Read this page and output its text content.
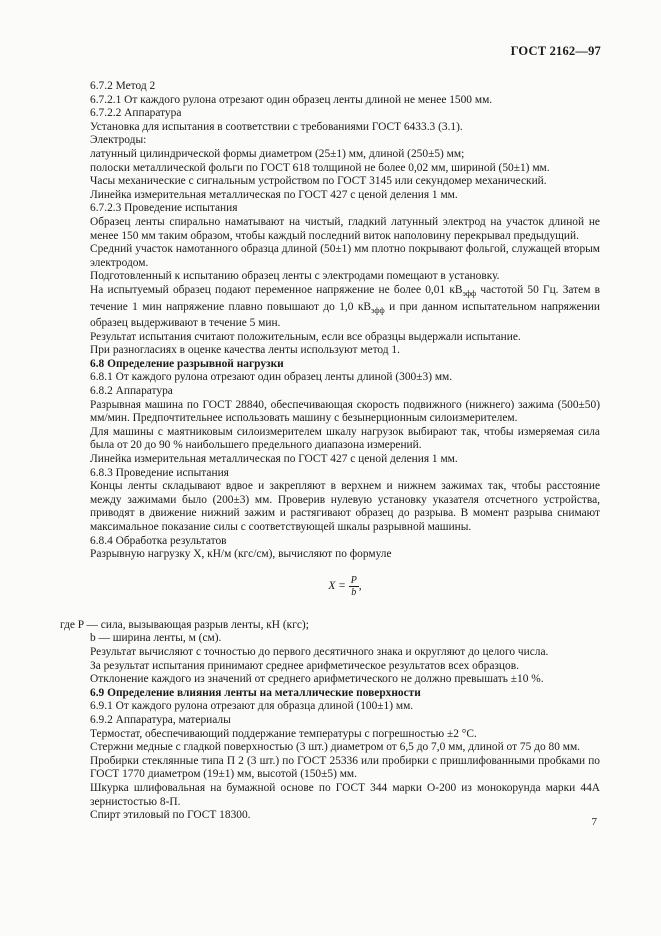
ГОСТ 2162—97

6.7.2 Метод 2

6.7.2.1 От каждого рулона отрезают один образец ленты длиной не менее 1500 мм.

6.7.2.2 Аппаратура

Установка для испытания в соответствии с требованиями ГОСТ 6433.3 (3.1).

Электроды:

латунный цилиндрической формы диаметром (25±1) мм, длиной (250±5) мм;

полоски металлической фольги по ГОСТ 618 толщиной не более 0,02 мм, шириной (50±1) мм.

Часы механические с сигнальным устройством по ГОСТ 3145 или секундомер механический.

Линейка измерительная металлическая по ГОСТ 427 с ценой деления 1 мм.

6.7.2.3 Проведение испытания

Образец ленты спирально наматывают на чистый, гладкий латунный электрод на участок длиной не менее 150 мм таким образом, чтобы каждый последний виток наполовину перекрывал предыдущий.

Средний участок намотанного образца длиной (50±1) мм плотно покрывают фольгой, служащей вторым электродом.

Подготовленный к испытанию образец ленты с электродами помещают в установку.

На испытуемый образец подают переменное напряжение не более 0,01 $кВ_{эфф}$ частотой 50 Гц. Затем в течение 1 мин напряжение плавно повышают до 1,0 $кВ_{эфф}$ и при данном испытательном напряжении образец выдерживают в течение 5 мин.

Результат испытания считают положительным, если все образцы выдержали испытание.

При разногласиях в оценке качества ленты используют метод 1.

6.8 Определение разрывной нагрузки

6.8.1 От каждого рулона отрезают один образец ленты длиной (300±3) мм.

6.8.2 Аппаратура

Разрывная машина по ГОСТ 28840, обеспечивающая скорость подвижного (нижнего) зажима (500±50) мм/мин. Предпочтительнее использовать машину с безынерционным силоизмерителем.

Для машины с маятниковым силоизмерителем шкалу нагрузок выбирают так, чтобы измеряемая сила была от 20 до 90 % наибольшего предельного диапазона измерений.

Линейка измерительная металлическая по ГОСТ 427 с ценой деления 1 мм.

6.8.3 Проведение испытания

Концы ленты складывают вдвое и закрепляют в верхнем и нижнем зажимах так, чтобы расстояние между зажимами было (200±3) мм. Проверив нулевую установку указателя отсчетного устройства, приводят в движение нижний зажим и растягивают образец до разрыва. В момент разрыва снимают максимальное показание силы с соответствующей шкалы разрывной машины.

6.8.4 Обработка результатов

Разрывную нагрузку X, кН/м (кгс/см), вычисляют по формуле

$X = \frac{P}{b}$ ,

где P — сила, вызывающая разрыв ленты, кН (кгс);

b — ширина ленты, м (см).

Результат вычисляют с точностью до первого десятичного знака и округляют до целого числа.

За результат испытания принимают среднее арифметическое результатов всех образцов.

Отклонение каждого из значений от среднего арифметического не должно превышать ±10 %.

6.9 Определение влияния ленты на металлические поверхности

6.9.1 От каждого рулона отрезают для образца длиной (100±1) мм.

6.9.2 Аппаратура, материалы

Термостат, обеспечивающий поддержание температуры с погрешностью ±2 °С.

Стержни медные с гладкой поверхностью (3 шт.) диаметром от 6,5 до 7,0 мм, длиной от 75 до 80 мм.

Пробирки стеклянные типа П 2 (3 шт.) по ГОСТ 25336 или пробирки с пришлифованными пробками по ГОСТ 1770 диаметром (19±1) мм, высотой (150±5) мм.

Шкурка шлифовальная на бумажной основе по ГОСТ 344 марки О-200 из монокорунда марки 44А зернистостью 8-П.

Спирт этиловый по ГОСТ 18300.

7
